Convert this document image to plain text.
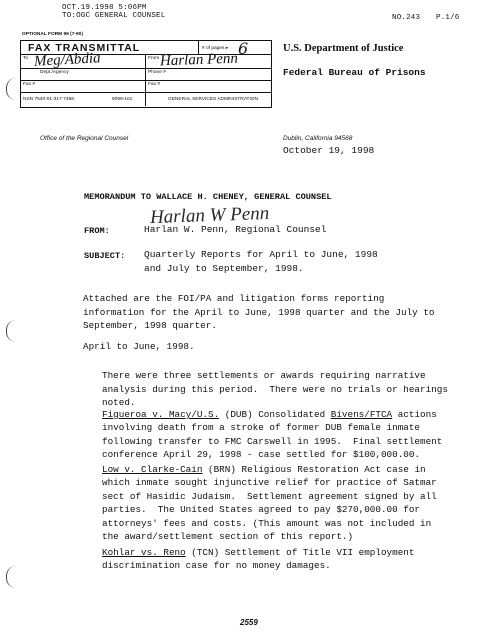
OCT.19.1998 5:06PM
TO:OGC GENERAL COUNSEL	NO.243 P.1/6
OPTIONAL FORM 99 (7-90)
FAX TRANSMITTAL	# of pages ▸ 6
To Meg/Abdia	From Harlan Penn
Dept./Agency	Phone #
Fax #	Fax #
NSN 7540-01-317-7368	5099-101	GENERAL SERVICES ADMINISTRATION
U.S. Department of Justice
Federal Bureau of Prisons
Office of the Regional Counsel	Dublin, California 94568
October 19, 1998
MEMORANDUM TO WALLACE H. CHENEY, GENERAL COUNSEL
Harlan W Penn
FROM:	Harlan W. Penn, Regional Counsel
SUBJECT: Quarterly Reports for April to June, 1998
and July to September, 1998.
Attached are the FOI/PA and litigation forms reporting
information for the April to June, 1998 quarter and the July to
September, 1998 quarter.
April to June, 1998.
There were three settlements or awards requiring narrative
analysis during this period.  There were no trials or hearings
noted.
Figueroa v. Macy/U.S. (DUB) Consolidated Bivens/FTCA actions
involving death from a stroke of former DUB female inmate
following transfer to FMC Carswell in 1995.  Final settlement
conference April 29, 1998 - case settled for $100,000.00.
Low v. Clarke-Cain (BRN) Religious Restoration Act case in
which inmate sought injunctive relief for practice of Satmar
sect of Hasidic Judaism.  Settlement agreement signed by all
parties.  The United States agreed to pay $270,000.00 for
attorneys' fees and costs. (This amount was not included in
the award/settlement section of this report.)
Kohlar vs. Reno (TCN) Settlement of Title VII employment
discrimination case for no money damages.
2559
